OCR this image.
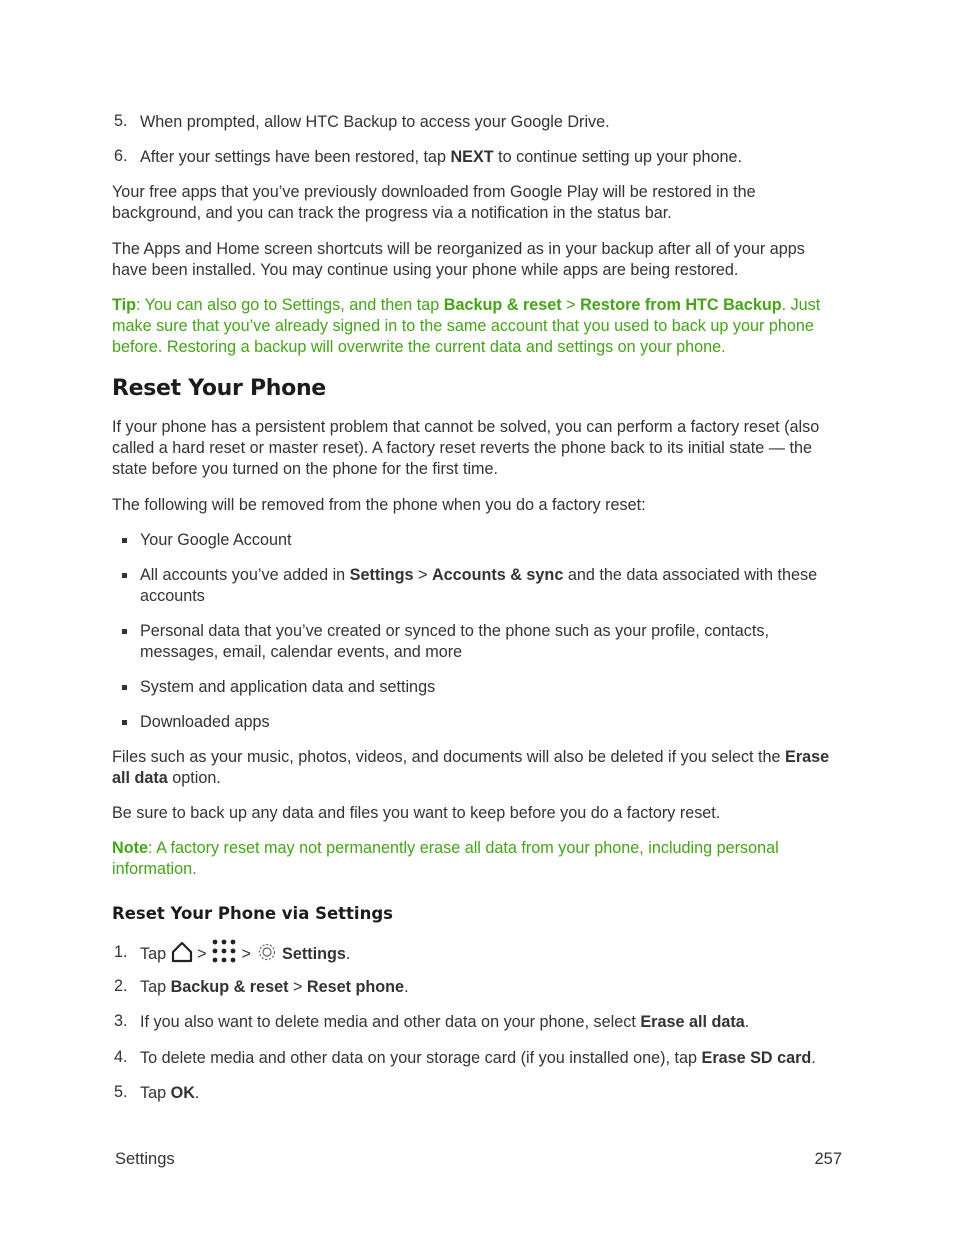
5. When prompted, allow HTC Backup to access your Google Drive.
6. After your settings have been restored, tap NEXT to continue setting up your phone.
Your free apps that you’ve previously downloaded from Google Play will be restored in the background, and you can track the progress via a notification in the status bar.
The Apps and Home screen shortcuts will be reorganized as in your backup after all of your apps have been installed. You may continue using your phone while apps are being restored.
Tip: You can also go to Settings, and then tap Backup & reset > Restore from HTC Backup. Just make sure that you’ve already signed in to the same account that you used to back up your phone before. Restoring a backup will overwrite the current data and settings on your phone.
Reset Your Phone
If your phone has a persistent problem that cannot be solved, you can perform a factory reset (also called a hard reset or master reset). A factory reset reverts the phone back to its initial state — the state before you turned on the phone for the first time.
The following will be removed from the phone when you do a factory reset:
Your Google Account
All accounts you’ve added in Settings > Accounts & sync and the data associated with these accounts
Personal data that you’ve created or synced to the phone such as your profile, contacts, messages, email, calendar events, and more
System and application data and settings
Downloaded apps
Files such as your music, photos, videos, and documents will also be deleted if you select the Erase all data option.
Be sure to back up any data and files you want to keep before you do a factory reset.
Note: A factory reset may not permanently erase all data from your phone, including personal information.
Reset Your Phone via Settings
1. Tap  >  >  Settings.
2. Tap Backup & reset > Reset phone.
3. If you also want to delete media and other data on your phone, select Erase all data.
4. To delete media and other data on your storage card (if you installed one), tap Erase SD card.
5. Tap OK.
Settings	257
